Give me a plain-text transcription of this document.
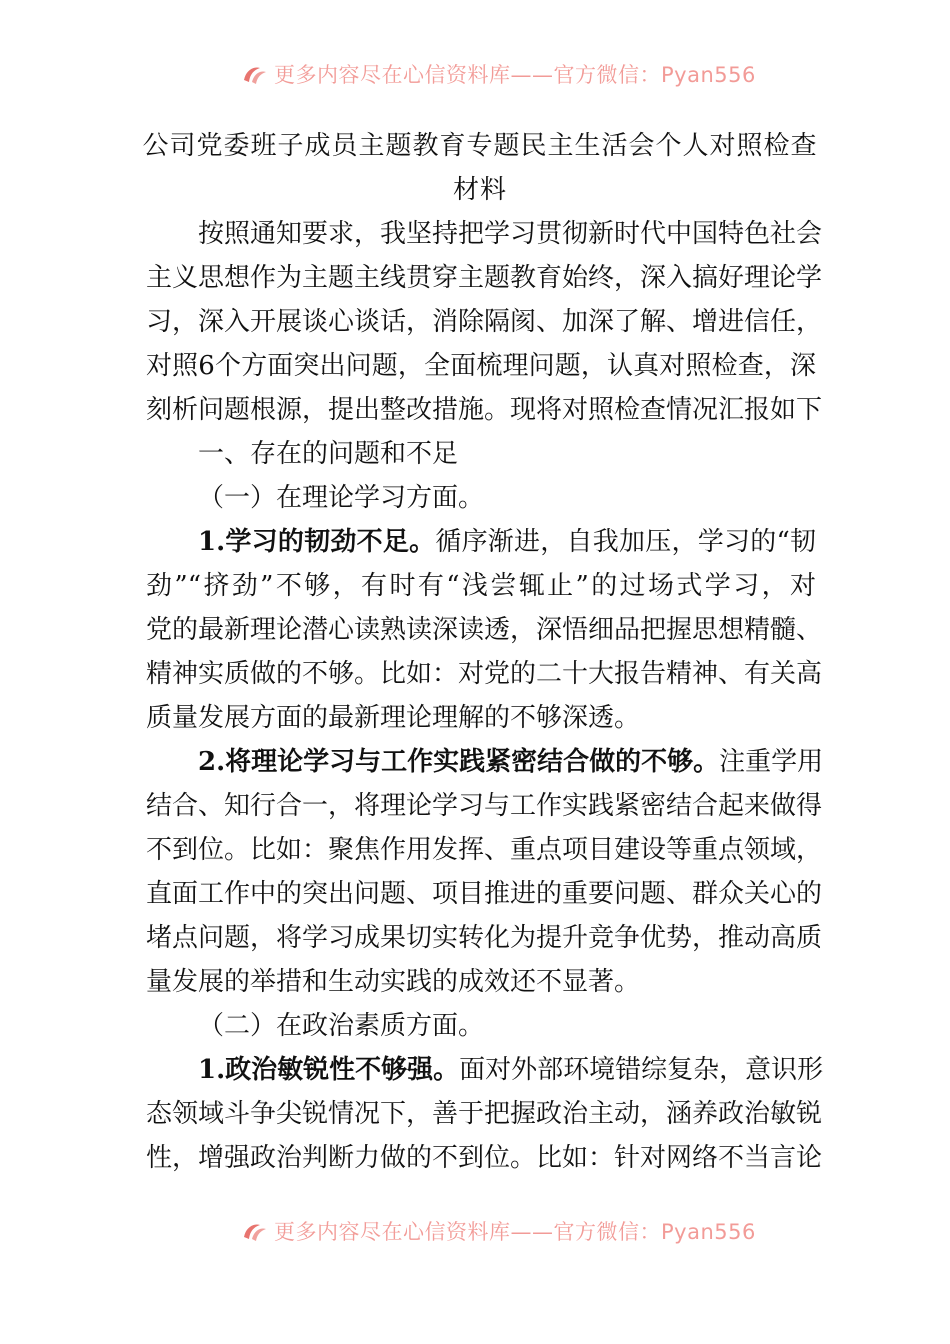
更多内容尽在心信资料库——官方微信：Pyan556
公司党委班子成员主题教育专题民主生活会个人对照检查
材料
按照通知要求，我坚持把学习贯彻新时代中国特色社会
主义思想作为主题主线贯穿主题教育始终，深入搞好理论学
习，深入开展谈心谈话，消除隔阂、加深了解、增进信任，
对照6个方面突出问题，全面梳理问题，认真对照检查，深
刻析问题根源，提出整改措施。现将对照检查情况汇报如下
一、存在的问题和不足
（一）在理论学习方面。
1.学习的韧劲不足。循序渐进，自我加压，学习的“韧
劲”“挤劲”不够，有时有“浅尝辄止”的过场式学习，对
党的最新理论潜心读熟读深读透，深悟细品把握思想精髓、
精神实质做的不够。比如：对党的二十大报告精神、有关高
质量发展方面的最新理论理解的不够深透。
2.将理论学习与工作实践紧密结合做的不够。注重学用
结合、知行合一，将理论学习与工作实践紧密结合起来做得
不到位。比如：聚焦作用发挥、重点项目建设等重点领域，
直面工作中的突出问题、项目推进的重要问题、群众关心的
堵点问题，将学习成果切实转化为提升竞争优势，推动高质
量发展的举措和生动实践的成效还不显著。
（二）在政治素质方面。
1.政治敏锐性不够强。面对外部环境错综复杂，意识形
态领域斗争尖锐情况下，善于把握政治主动，涵养政治敏锐
性，增强政治判断力做的不到位。比如：针对网络不当言论
更多内容尽在心信资料库——官方微信：Pyan556
